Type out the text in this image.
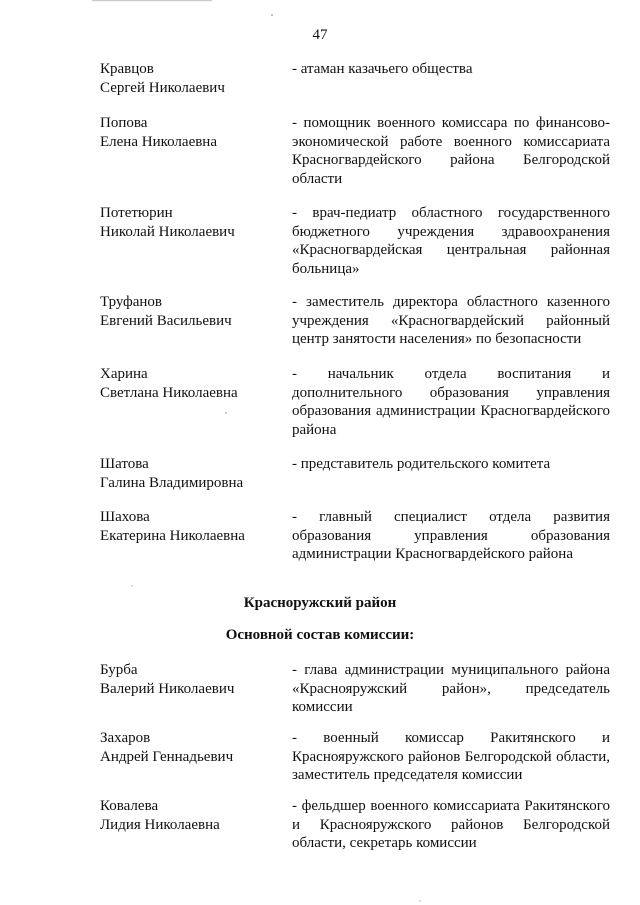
47
Кравцов
Сергей Николаевич
- атаман казачьего общества
Попова
Елена Николаевна
- помощник военного комиссара по финансово-экономической работе военного комиссариата Красногвардейского района Белгородской области
Потетюрин
Николай Николаевич
- врач-педиатр областного государственного бюджетного учреждения здравоохранения «Красногвардейская центральная районная больница»
Труфанов
Евгений Васильевич
- заместитель директора областного казенного учреждения «Красногвардейский районный центр занятости населения» по безопасности
Харина
Светлана Николаевна
- начальник отдела воспитания и дополнительного образования управления образования администрации Красногвардейского района
Шатова
Галина Владимировна
- представитель родительского комитета
Шахова
Екатерина Николаевна
- главный специалист отдела развития образования управления образования администрации Красногвардейского района
Красноружский район
Основной состав комиссии:
Бурба
Валерий Николаевич
- глава администрации муниципального района «Краснояружский район», председатель комиссии
Захаров
Андрей Геннадьевич
- военный комиссар Ракитянского и Краснояружского районов Белгородской области, заместитель председателя комиссии
Ковалева
Лидия Николаевна
- фельдшер военного комиссариата Ракитянского и Краснояружского районов Белгородской области, секретарь комиссии
